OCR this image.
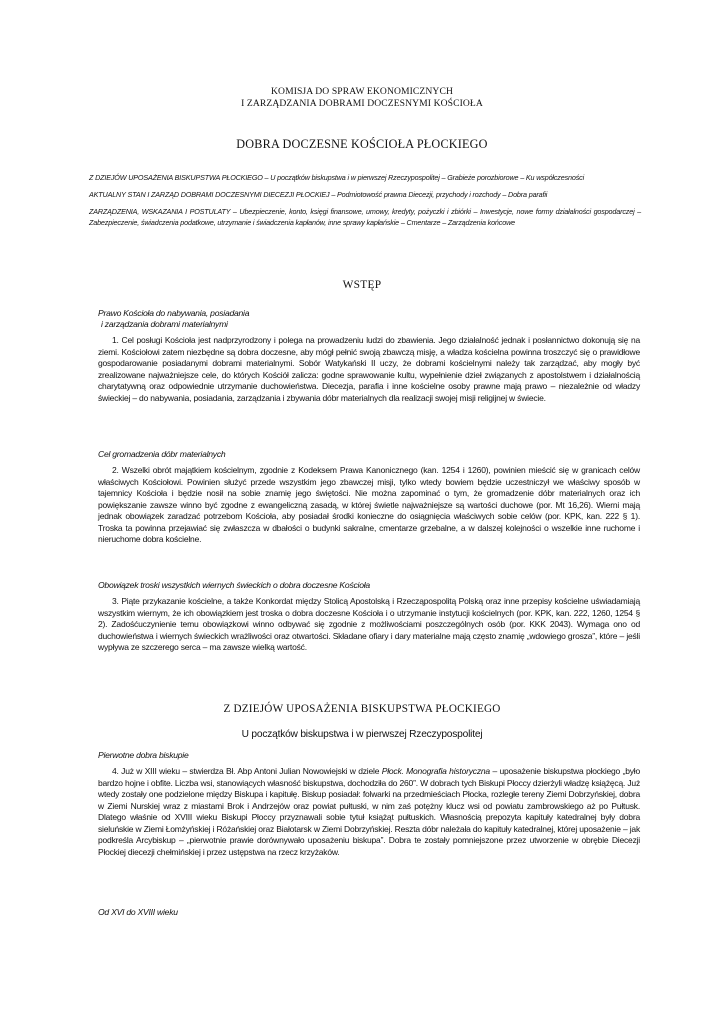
KOMISJA DO SPRAW EKONOMICZNYCH
I ZARZĄDZANIA DOBRAMI DOCZESNYMI KOŚCIOŁA
DOBRA DOCZESNE KOŚCIOŁA PŁOCKIEGO

Z DZIEJÓW UPOSAŻENIA BISKUPSTWA PŁOCKIEGO – U początków biskupstwa i w pierwszej Rzeczypospolitej – Grabieże porozbiorowe – Ku współczesności

AKTUALNY STAN I ZARZĄD DOBRAMI DOCZESNYMI DIECEZJI PŁOCKIEJ – Podmiotowość prawna Diecezji, przychody i rozchody – Dobra parafii

ZARZĄDZENIA, WSKAZANIA I POSTULATY – Ubezpieczenie, konto, księgi finansowe, umowy, kredyty, pożyczki i zbiórki – Inwestycje, nowe formy działalności gospodarczej – Zabezpieczenie, świadczenia podatkowe, utrzymanie i świadczenia kapłanów, inne sprawy kapłańskie – Cmentarze – Zarządzenia końcowe

WSTĘP
Prawo Kościoła do nabywania, posiadania
i zarządzania dobrami materialnymi
1. Cel posługi Kościoła jest nadprzyrodzony i polega na prowadzeniu ludzi do zbawienia. Jego działalność jednak i posłannictwo dokonują się na ziemi. Kościołowi zatem niezbędne są dobra doczesne, aby mógł pełnić swoją zbawczą misję, a władza kościelna powinna troszczyć się o prawidłowe gospodarowanie posiadanymi dobrami materialnymi. Sobór Watykański II uczy, że dobrami kościelnymi należy tak zarządzać, aby mogły być zrealizowane najważniejsze cele, do których Kościół zalicza: godne sprawowanie kultu, wypełnienie dzieł związanych z apostolstwem i działalnością charytatywną oraz odpowiednie utrzymanie duchowieństwa. Diecezja, parafia i inne kościelne osoby prawne mają prawo – niezależnie od władzy świeckiej – do nabywania, posiadania, zarządzania i zbywania dóbr materialnych dla realizacji swojej misji religijnej w świecie.
Cel gromadzenia dóbr materialnych
2. Wszelki obrót majątkiem kościelnym, zgodnie z Kodeksem Prawa Kanonicznego (kan. 1254 i 1260), powinien mieścić się w granicach celów właściwych Kościołowi. Powinien służyć przede wszystkim jego zbawczej misji, tylko wtedy bowiem będzie uczestniczył we właściwy sposób w tajemnicy Kościoła i będzie nosił na sobie znamię jego świętości. Nie można zapominać o tym, że gromadzenie dóbr materialnych oraz ich powiększanie zawsze winno być zgodne z ewangeliczną zasadą, w której świetle najważniejsze są wartości duchowe (por. Mt 16,26). Wierni mają jednak obowiązek zaradzać potrzebom Kościoła, aby posiadał środki konieczne do osiągnięcia właściwych sobie celów (por. KPK, kan. 222 § 1). Troska ta powinna przejawiać się zwłaszcza w dbałości o budynki sakralne, cmentarze grzebalne, a w dalszej kolejności o wszelkie inne ruchome i nieruchome dobra kościelne.
Obowiązek troski wszystkich wiernych świeckich o dobra doczesne Kościoła
3. Piąte przykazanie kościelne, a także Konkordat między Stolicą Apostolską i Rzecząpospolitą Polską oraz inne przepisy kościelne uświadamiają wszystkim wiernym, że ich obowiązkiem jest troska o dobra doczesne Kościoła i o utrzymanie instytucji kościelnych (por. KPK, kan. 222, 1260, 1254 § 2). Zadośćuczynienie temu obowiązkowi winno odbywać się zgodnie z możliwościami poszczególnych osób (por. KKK 2043). Wymaga ono od duchowieństwa i wiernych świeckich wrażliwości oraz otwartości. Składane ofiary i dary materialne mają często znamię „wdowiego grosza”, które – jeśli wypływa ze szczerego serca – ma zawsze wielką wartość.
Z DZIEJÓW UPOSAŻENIA BISKUPSTWA PŁOCKIEGO
U początków biskupstwa i w pierwszej Rzeczypospolitej
Pierwotne dobra biskupie
4. Już w XIII wieku – stwierdza Bł. Abp Antoni Julian Nowowiejski w dziele Płock. Monografia historyczna – uposażenie biskupstwa płockiego „było bardzo hojne i obfite. Liczba wsi, stanowiących własność biskupstwa, dochodziła do 260”. W dobrach tych Biskupi Płoccy dzierżyli władzę książęcą. Już wtedy zostały one podzielone między Biskupa i kapitułę. Biskup posiadał: folwarki na przedmieściach Płocka, rozległe tereny Ziemi Dobrzyńskiej, dobra w Ziemi Nurskiej wraz z miastami Brok i Andrzejów oraz powiat pułtuski, w nim zaś potężny klucz wsi od powiatu zambrowskiego aż po Pułtusk. Dlatego właśnie od XVIII wieku Biskupi Płoccy przyznawali sobie tytuł książąt pułtuskich. Własnością prepozyta kapituły katedralnej były dobra sieluńskie w Ziemi Łomżyńskiej i Różańskiej oraz Białotarsk w Ziemi Dobrzyńskiej. Reszta dóbr należała do kapituły katedralnej, której uposażenie – jak podkreśla Arcybiskup – „pierwotnie prawie dorównywało uposażeniu biskupa”. Dobra te zostały pomniejszone przez utworzenie w obrębie Diecezji Płockiej diecezji chełmińskiej i przez ustępstwa na rzecz krzyżaków.
Od XVI do XVIII wieku
